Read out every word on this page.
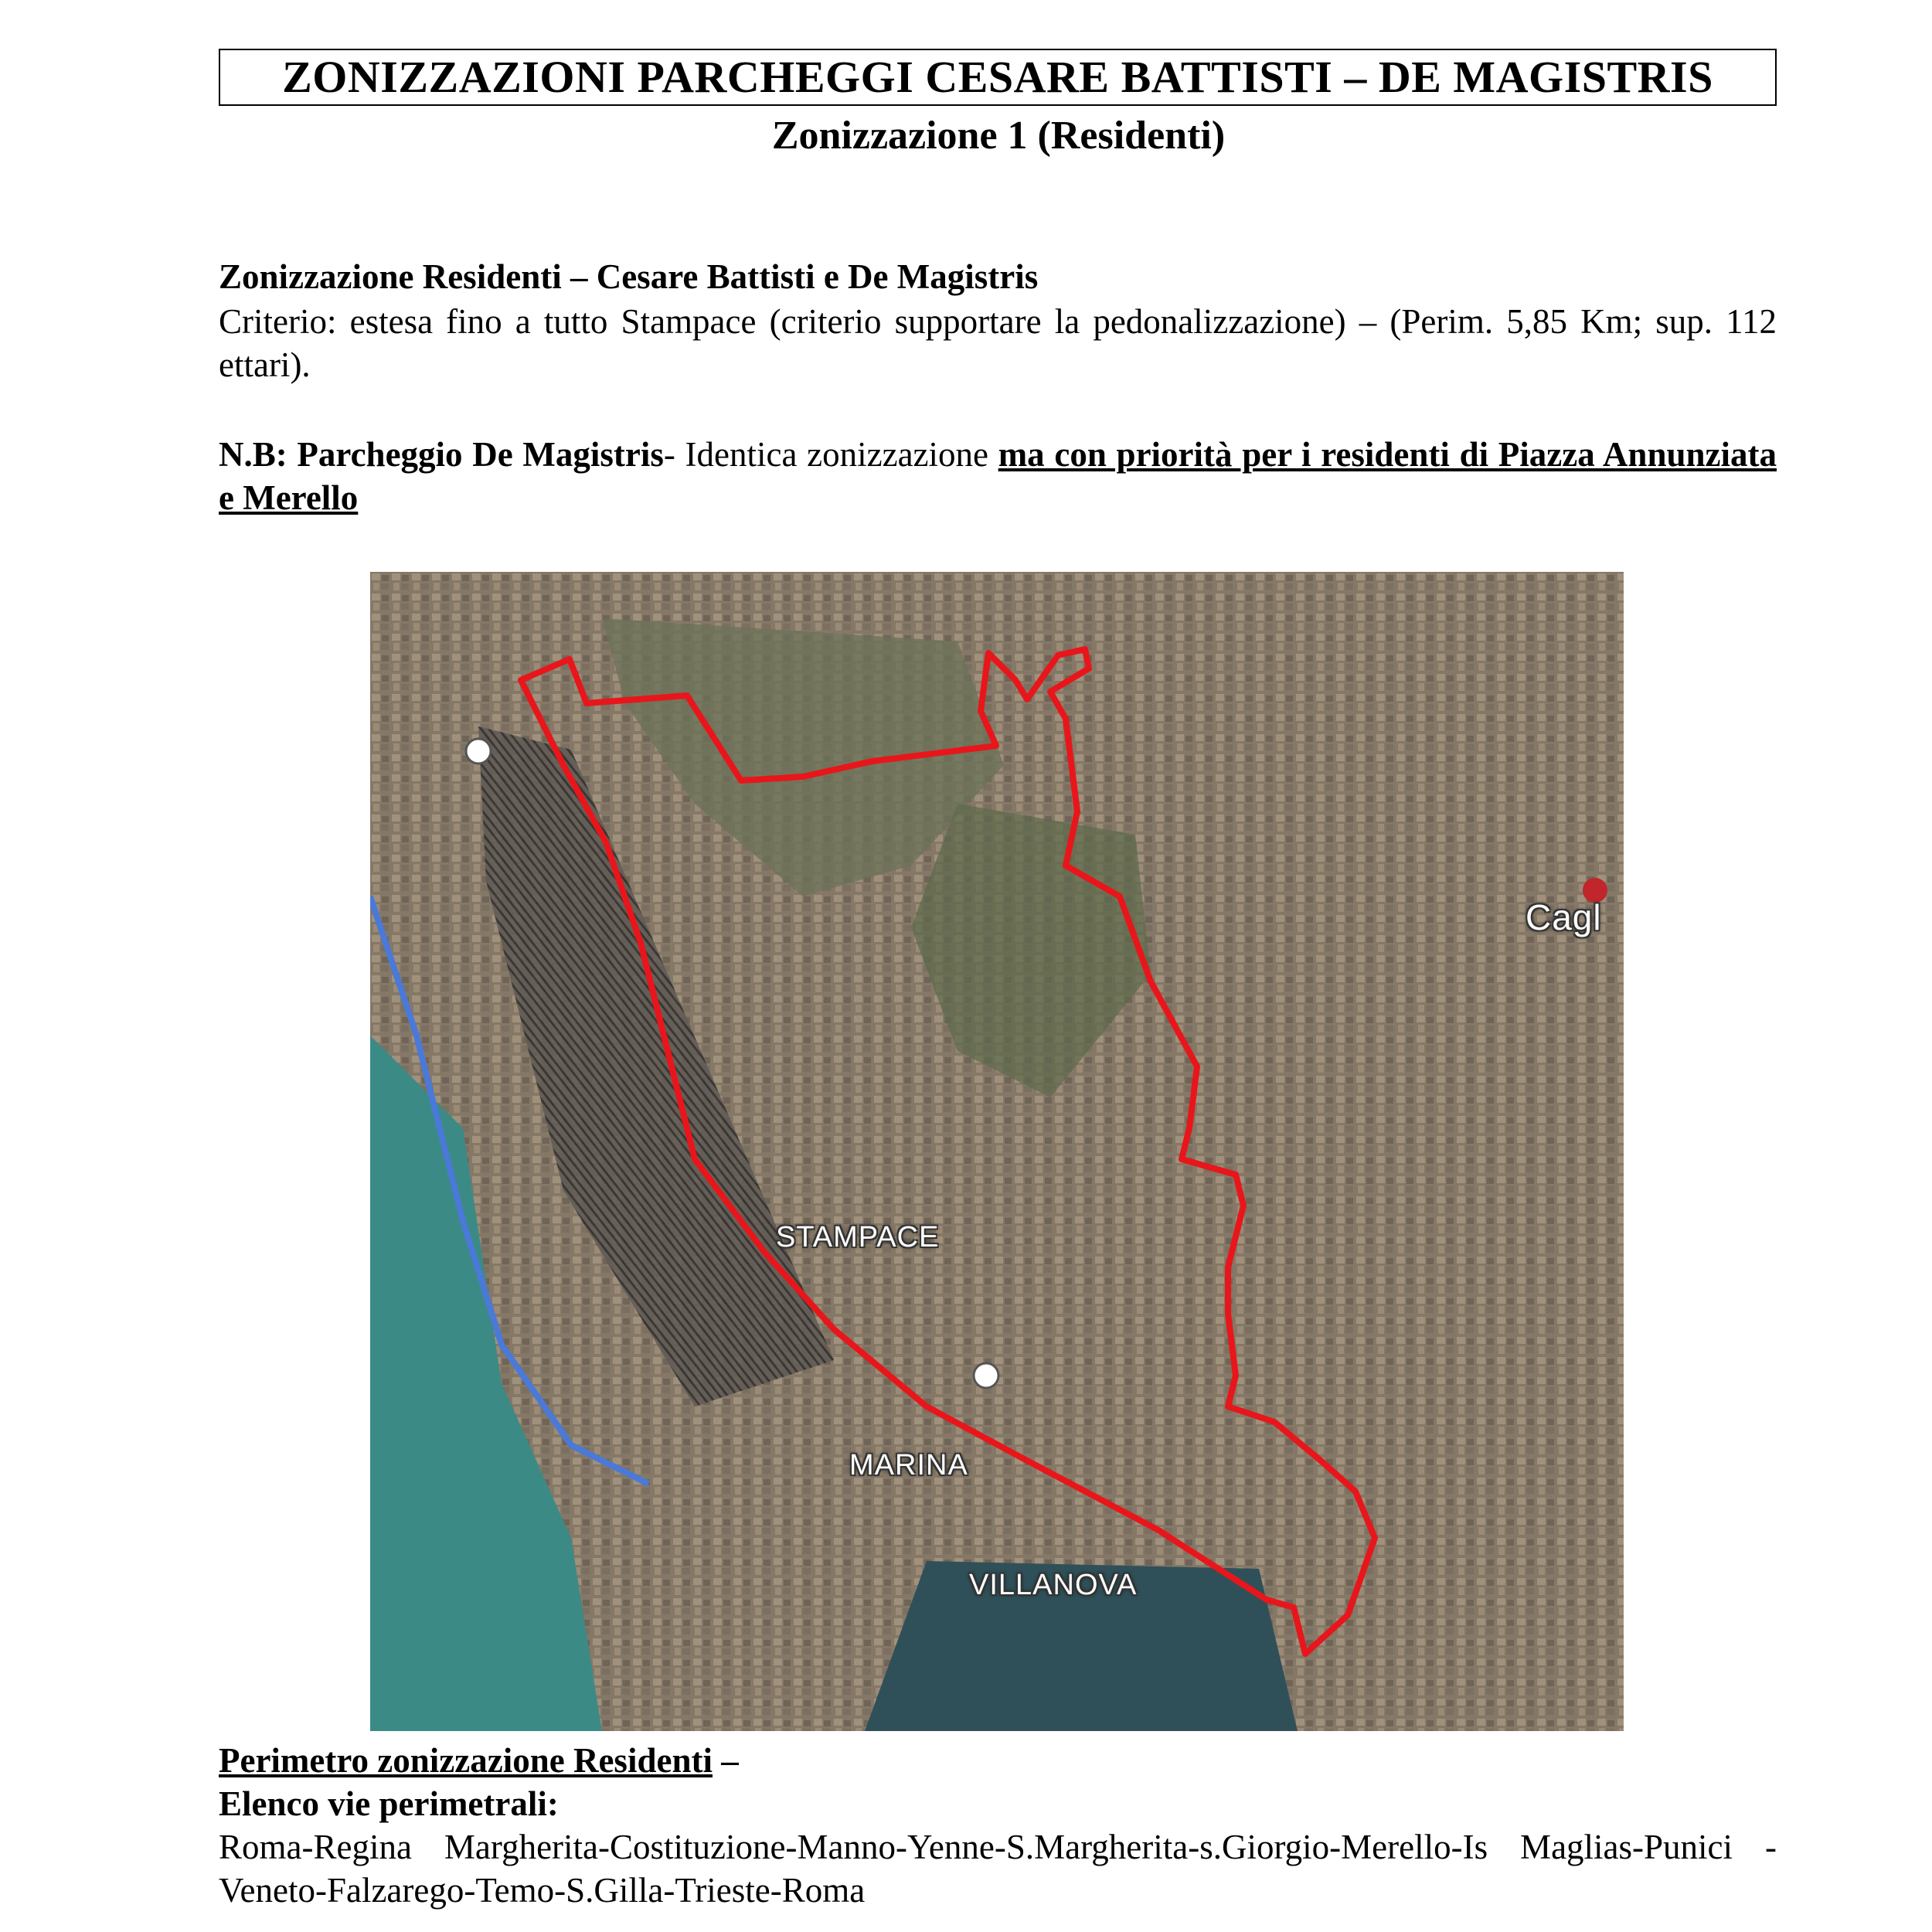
ZONIZZAZIONI PARCHEGGI CESARE BATTISTI – DE MAGISTRIS
Zonizzazione 1 (Residenti)
Zonizzazione Residenti – Cesare Battisti e De Magistris
Criterio: estesa fino a tutto Stampace (criterio supportare la pedonalizzazione) – (Perim. 5,85 Km; sup. 112 ettari).
N.B: Parcheggio De Magistris- Identica zonizzazione ma con priorità per i residenti di Piazza Annunziata e Merello
STAMPACE
MARINA
VILLANOVA
Cagl
Perimetro zonizzazione Residenti –
Elenco vie perimetrali:
Roma-Regina Margherita-Costituzione-Manno-Yenne-S.Margherita-s.Giorgio-Merello-Is Maglias-Punici -Veneto-Falzarego-Temo-S.Gilla-Trieste-Roma
